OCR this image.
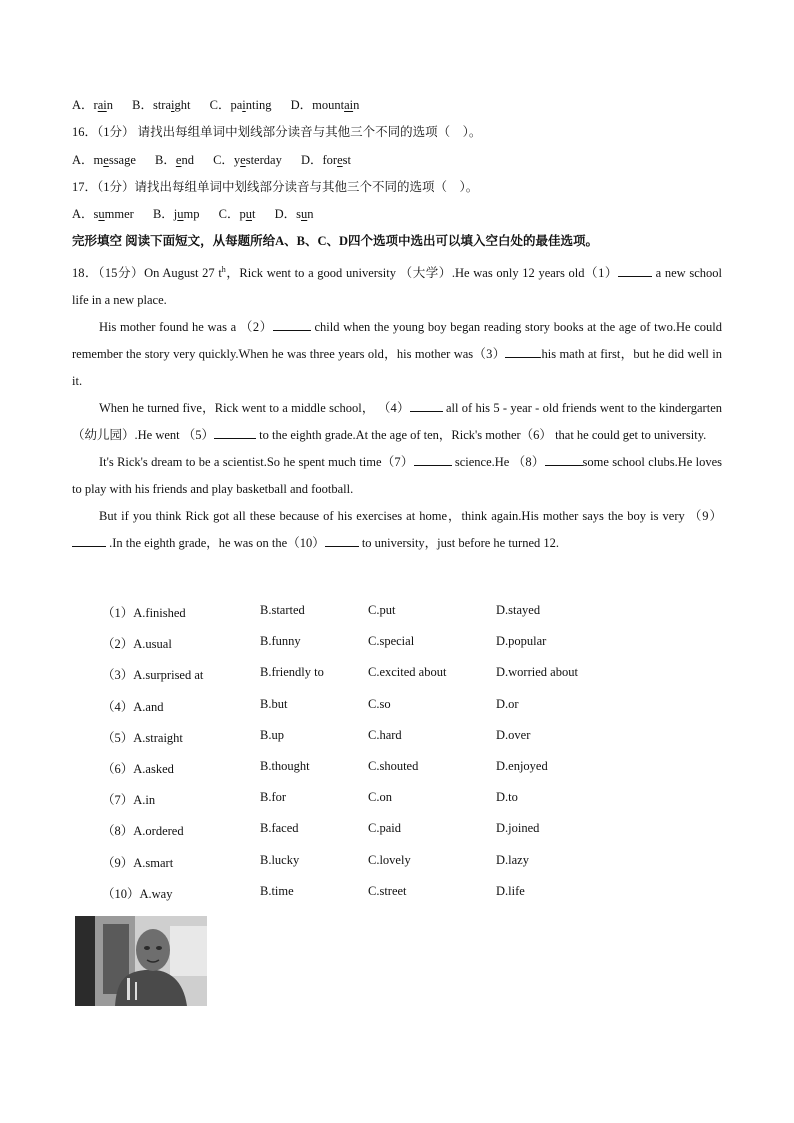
A．rain B．straight C．painting D．mountain
16．（1分） 请找出每组单词中划线部分读音与其他三个不同的选项（　）。
A．message B．end C．yesterday D．forest
17．（1分）请找出每组单词中划线部分读音与其他三个不同的选项（　）。
A．summer B．jump C．put D．sun
完形填空 阅读下面短文，从每题所给A、B、C、D四个选项中选出可以填入空白处的最佳选项。
18．（15分）On August 27 $t^h$，Rick went to a good university （大学）.He was only 12 years old（1）	a new school life in a new place.
His mother found he was a （2）	child when the young boy began reading story books at the age of two.He could remember the story very quickly.When he was three years old，his mother was（3）	his math at first，but he did well in it.
When he turned five，Rick went to a middle school， （4）	all of his 5 - year - old friends went to the kindergarten（幼儿园）.He went （5）	to the eighth grade.At the age of ten，Rick's mother（6） that he could get to university.
It's Rick's dream to be a scientist.So he spent much time（7）	science.He （8）	some school clubs.He loves to play with his friends and play basketball and football.
But if you think Rick got all these because of his exercises at home，think again.His mother says the boy is very （9） .In the eighth grade，he was on the（10）	to university，just before he turned 12.
（1）A.finished	B.started	C.put	D.stayed
（2）A.usual	B.funny	C.special	D.popular
（3）A.surprised at	B.friendly to	C.excited about	D.worried about
（4）A.and	B.but	C.so	D.or
（5）A.straight	B.up	C.hard	D.over
（6）A.asked	B.thought	C.shouted	D.enjoyed
（7）A.in	B.for	C.on	D.to
（8）A.ordered	B.faced	C.paid	D.joined
（9）A.smart	B.lucky	C.lovely	D.lazy
（10）A.way	B.time	C.street	D.life
